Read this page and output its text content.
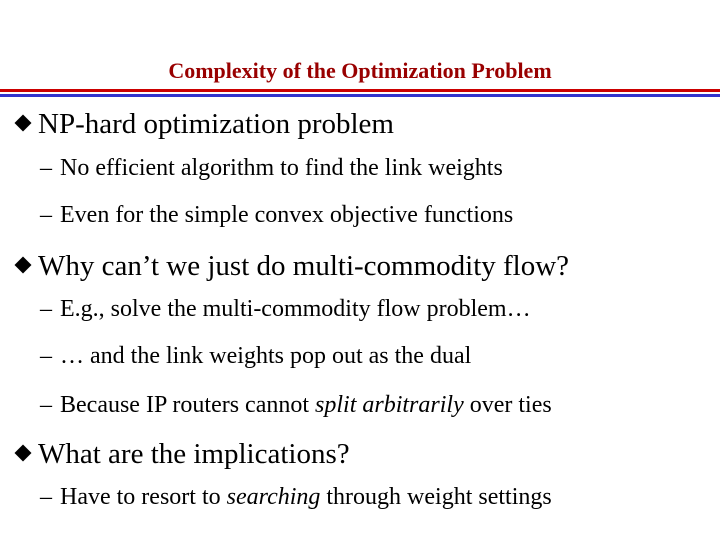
Complexity of the Optimization Problem
NP-hard optimization problem
– No efficient algorithm to find the link weights
– Even for the simple convex objective functions
Why can’t we just do multi-commodity flow?
– E.g., solve the multi-commodity flow problem…
– … and the link weights pop out as the dual
– Because IP routers cannot split arbitrarily over ties
What are the implications?
– Have to resort to searching through weight settings
